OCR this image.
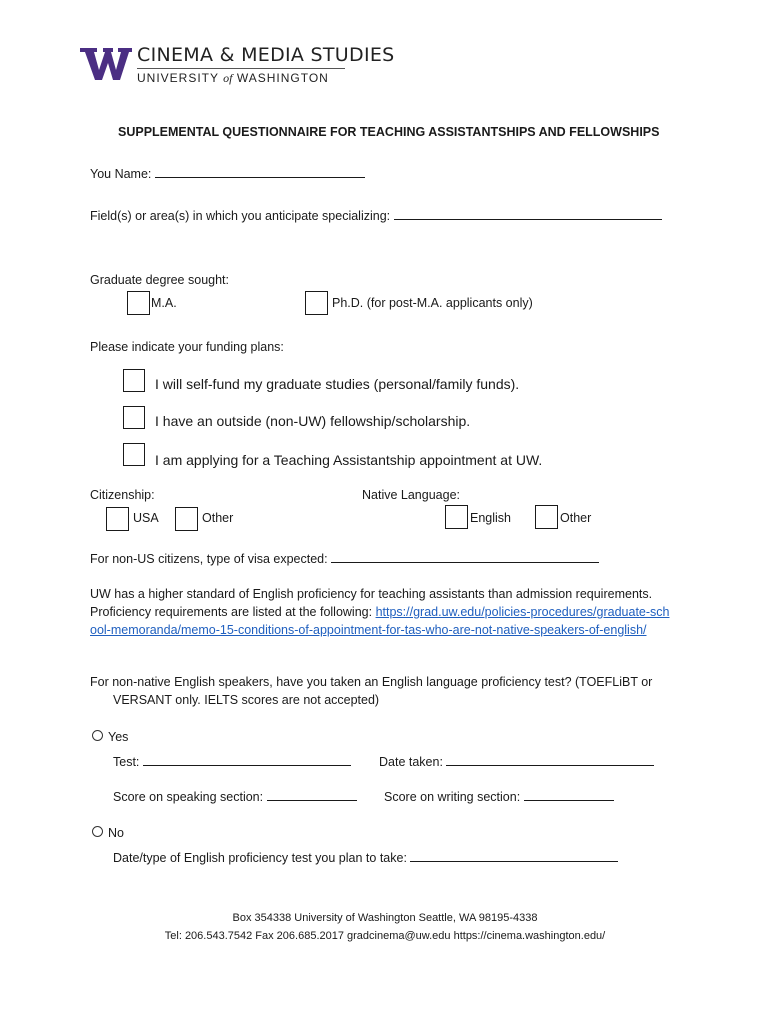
CINEMA & MEDIA STUDIES
UNIVERSITY of WASHINGTON
SUPPLEMENTAL QUESTIONNAIRE FOR TEACHING ASSISTANTSHIPS AND FELLOWSHIPS
You Name:
Field(s) or area(s) in which you anticipate specializing:
Graduate degree sought:
M.A.	Ph.D. (for post-M.A. applicants only)
Please indicate your funding plans:
I will self-fund my graduate studies (personal/family funds).
I have an outside (non-UW) fellowship/scholarship.
I am applying for a Teaching Assistantship appointment at UW.
Citizenship:
USA	Other
Native Language:
English	Other
For non-US citizens, type of visa expected:
UW has a higher standard of English proficiency for teaching assistants than admission requirements. Proficiency requirements are listed at the following: https://grad.uw.edu/policies-procedures/graduate-school-memoranda/memo-15-conditions-of-appointment-for-tas-who-are-not-native-speakers-of-english/
For non-native English speakers, have you taken an English language proficiency test? (TOEFLiBT or VERSANT only. IELTS scores are not accepted)
Yes
Test:	Date taken:
Score on speaking section:	Score on writing section:
No
Date/type of English proficiency test you plan to take:
Box 354338 University of Washington Seattle, WA 98195-4338
Tel: 206.543.7542 Fax 206.685.2017 gradcinema@uw.edu https://cinema.washington.edu/
